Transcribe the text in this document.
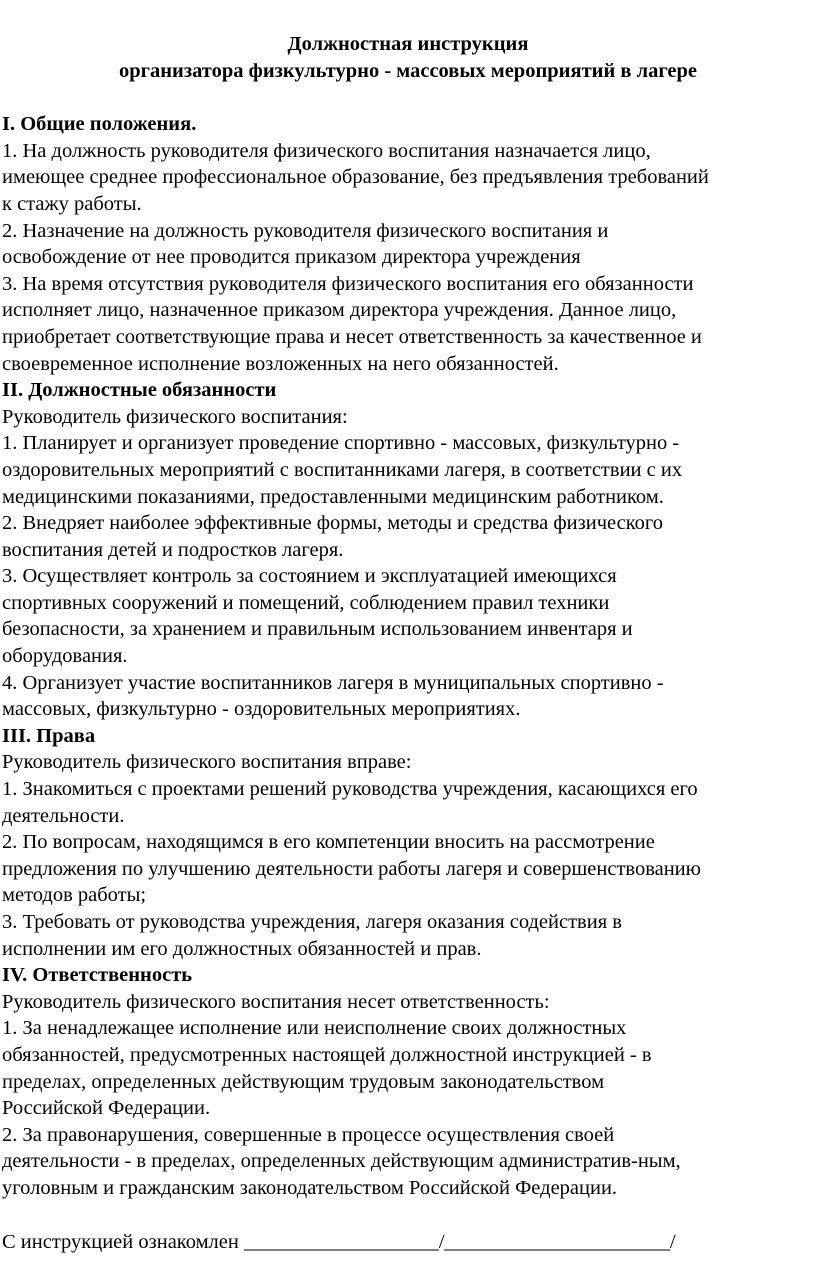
Должностная инструкция

организатора физкультурно - массовых мероприятий в лагере

I. Общие положения.

1. На должность руководителя физического воспитания назначается лицо,

имеющее среднее профессиональное образование, без предъявления требований

к стажу работы.

2. Назначение на должность руководителя физического воспитания и

освобождение от нее проводится приказом директора учреждения

3. На время отсутствия руководителя физического воспитания его обязанности

исполняет лицо, назначенное приказом директора учреждения. Данное лицо,

приобретает соответствующие права и несет ответственность за качественное и

своевременное исполнение возложенных на него обязанностей.

II. Должностные обязанности

Руководитель физического воспитания:

1. Планирует и организует проведение спортивно - массовых, физкультурно -

оздоровительных мероприятий с воспитанниками лагеря, в соответствии с их

медицинскими показаниями, предоставленными медицинским работником.

2. Внедряет наиболее эффективные формы, методы и средства физического

воспитания детей и подростков лагеря.

3. Осуществляет контроль за состоянием и эксплуатацией имеющихся

спортивных сооружений и помещений, соблюдением правил техники

безопасности, за хранением и правильным использованием инвентаря и

оборудования.

4. Организует участие воспитанников лагеря в муниципальных спортивно -

массовых, физкультурно - оздоровительных мероприятиях.

III. Права

Руководитель физического воспитания вправе:

1. Знакомиться с проектами решений руководства учреждения, касающихся его

деятельности.

2. По вопросам, находящимся в его компетенции вносить на рассмотрение

предложения по улучшению деятельности работы лагеря и совершенствованию

методов работы;

3. Требовать от руководства учреждения, лагеря оказания содействия в

исполнении им его должностных обязанностей и прав.

IV. Ответственность

Руководитель физического воспитания несет ответственность:

1. За ненадлежащее исполнение или неисполнение своих должностных

обязанностей, предусмотренных настоящей должностной инструкцией - в

пределах, определенных действующим трудовым законодательством

Российской Федерации.

2. За правонарушения, совершенные в процессе осуществления своей

деятельности - в пределах, определенных действующим административ-ным,

уголовным и гражданским законодательством Российской Федерации.

С инструкцией ознакомлен ___________________/______________________/
